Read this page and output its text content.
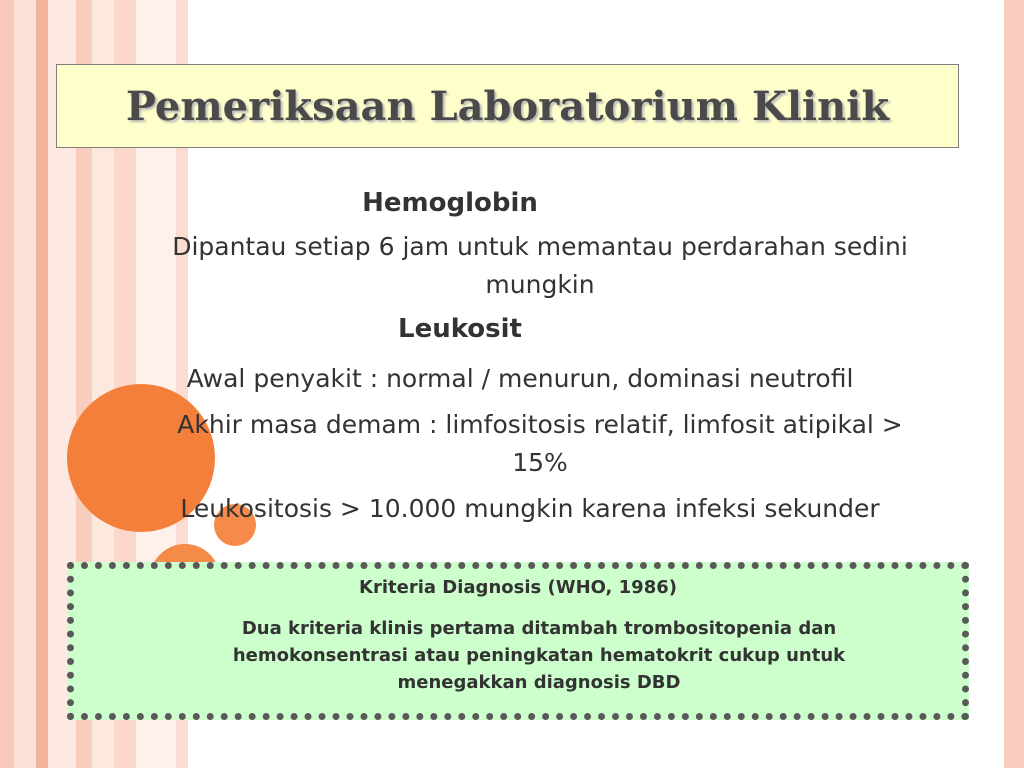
Pemeriksaan Laboratorium Klinik
Hemoglobin
Dipantau setiap 6 jam untuk memantau perdarahan sedini
mungkin
Leukosit
Awal penyakit : normal / menurun, dominasi neutrofil
Akhir masa demam : limfositosis relatif, limfosit atipikal >
15%
Leukositosis > 10.000 mungkin karena infeksi sekunder
Kriteria Diagnosis (WHO, 1986)
Dua kriteria klinis pertama ditambah trombositopenia dan
hemokonsentrasi atau peningkatan hematokrit cukup untuk
menegakkan diagnosis DBD
